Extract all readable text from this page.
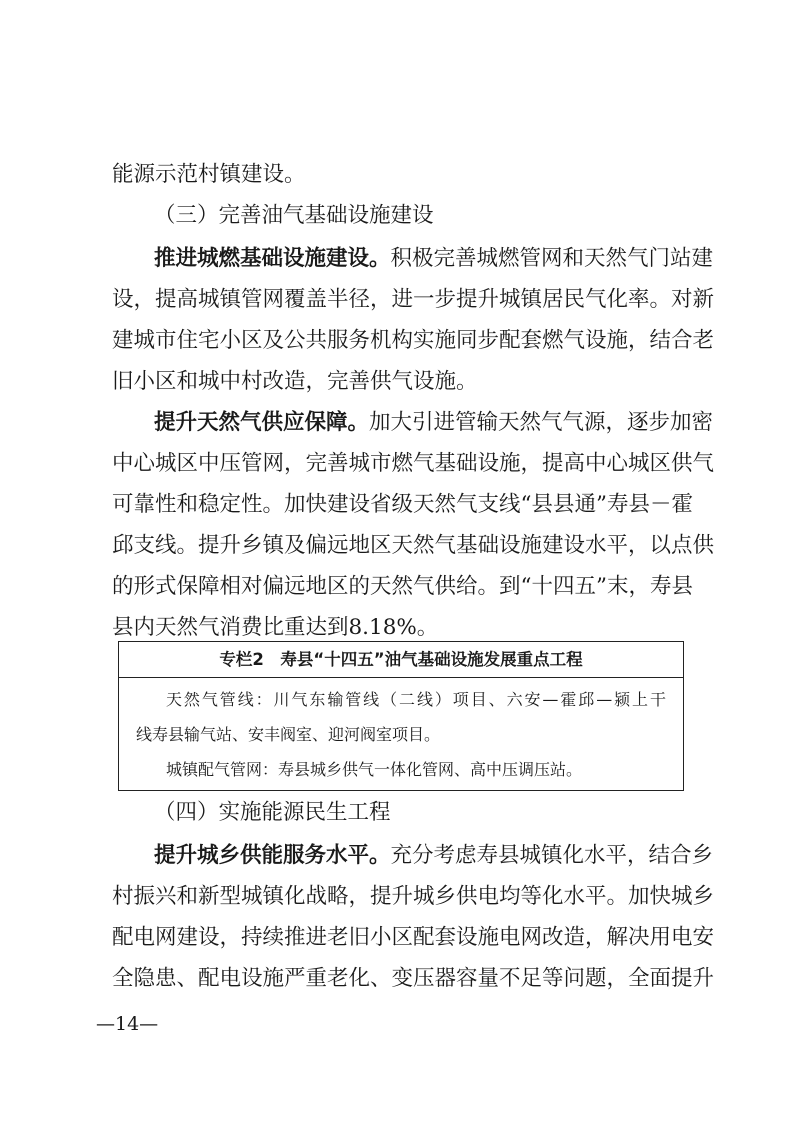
能源示范村镇建设。
（三）完善油气基础设施建设
推进城燃基础设施建设。积极完善城燃管网和天然气门站建
设，提高城镇管网覆盖半径，进一步提升城镇居民气化率。对新
建城市住宅小区及公共服务机构实施同步配套燃气设施，结合老
旧小区和城中村改造，完善供气设施。
提升天然气供应保障。加大引进管输天然气气源，逐步加密
中心城区中压管网，完善城市燃气基础设施，提高中心城区供气
可靠性和稳定性。加快建设省级天然气支线“县县通”寿县－霍
邱支线。提升乡镇及偏远地区天然气基础设施建设水平，以点供
的形式保障相对偏远地区的天然气供给。到“十四五”末，寿县
县内天然气消费比重达到8.18%。
专栏2　寿县“十四五”油气基础设施发展重点工程
天然气管线：川气东输管线（二线）项目、六安—霍邱—颍上干
线寿县输气站、安丰阀室、迎河阀室项目。
城镇配气管网：寿县城乡供气一体化管网、高中压调压站。
（四）实施能源民生工程
提升城乡供能服务水平。充分考虑寿县城镇化水平，结合乡
村振兴和新型城镇化战略，提升城乡供电均等化水平。加快城乡
配电网建设，持续推进老旧小区配套设施电网改造，解决用电安
全隐患、配电设施严重老化、变压器容量不足等问题，全面提升
—14—
